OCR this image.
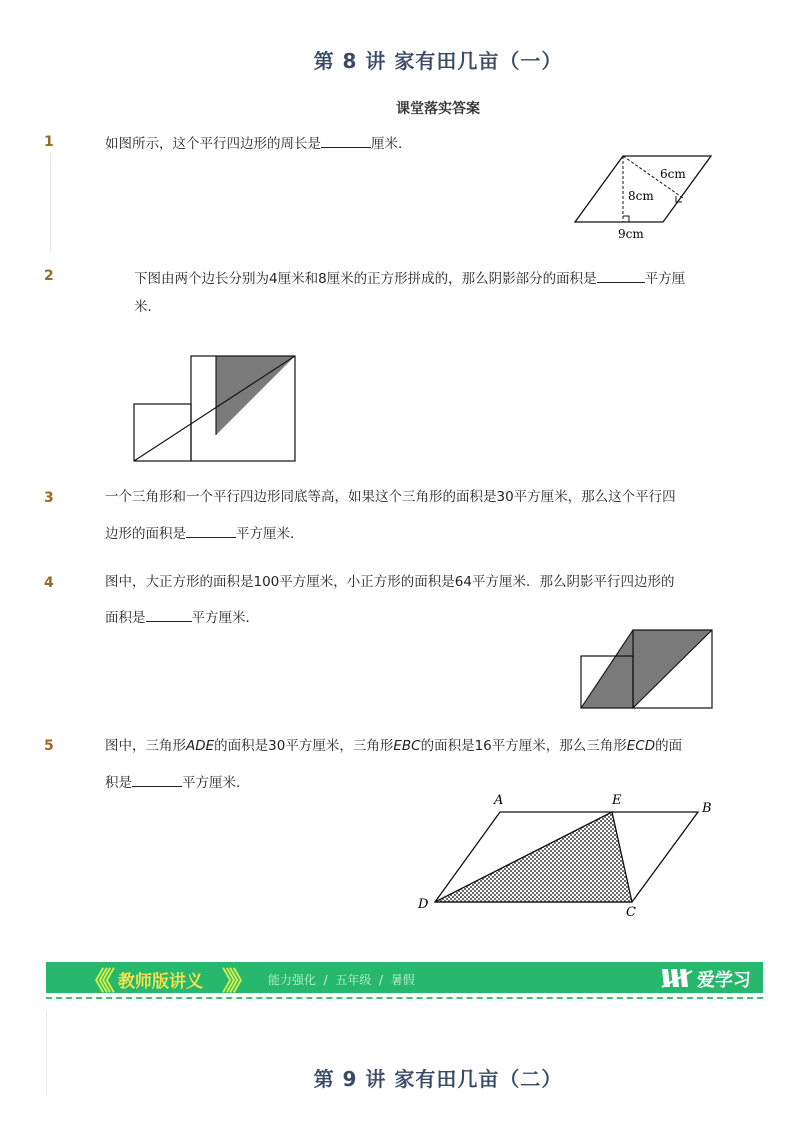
第 8 讲 家有田几亩（一）
课堂落实答案
1	如图所示，这个平行四边形的周长是	厘米．
6cm
8cm
9cm
2	下图由两个边长分别为4厘米和8厘米的正方形拼成的，那么阴影部分的面积是	平方厘
米．
3	一个三角形和一个平行四边形同底等高，如果这个三角形的面积是30平方厘米，那么这个平行四
边形的面积是	平方厘米．
4	图中，大正方形的面积是100平方厘米，小正方形的面积是64平方厘米．那么阴影平行四边形的
面积是	平方厘米．
5	图中，三角形ADE的面积是30平方厘米，三角形EBC的面积是16平方厘米，那么三角形ECD的面
积是	平方厘米．
A	E
B
D
C
《《 教师版讲义 》》 能力强化 / 五年级 / 暑假	爱学习
第 9 讲 家有田几亩（二）
